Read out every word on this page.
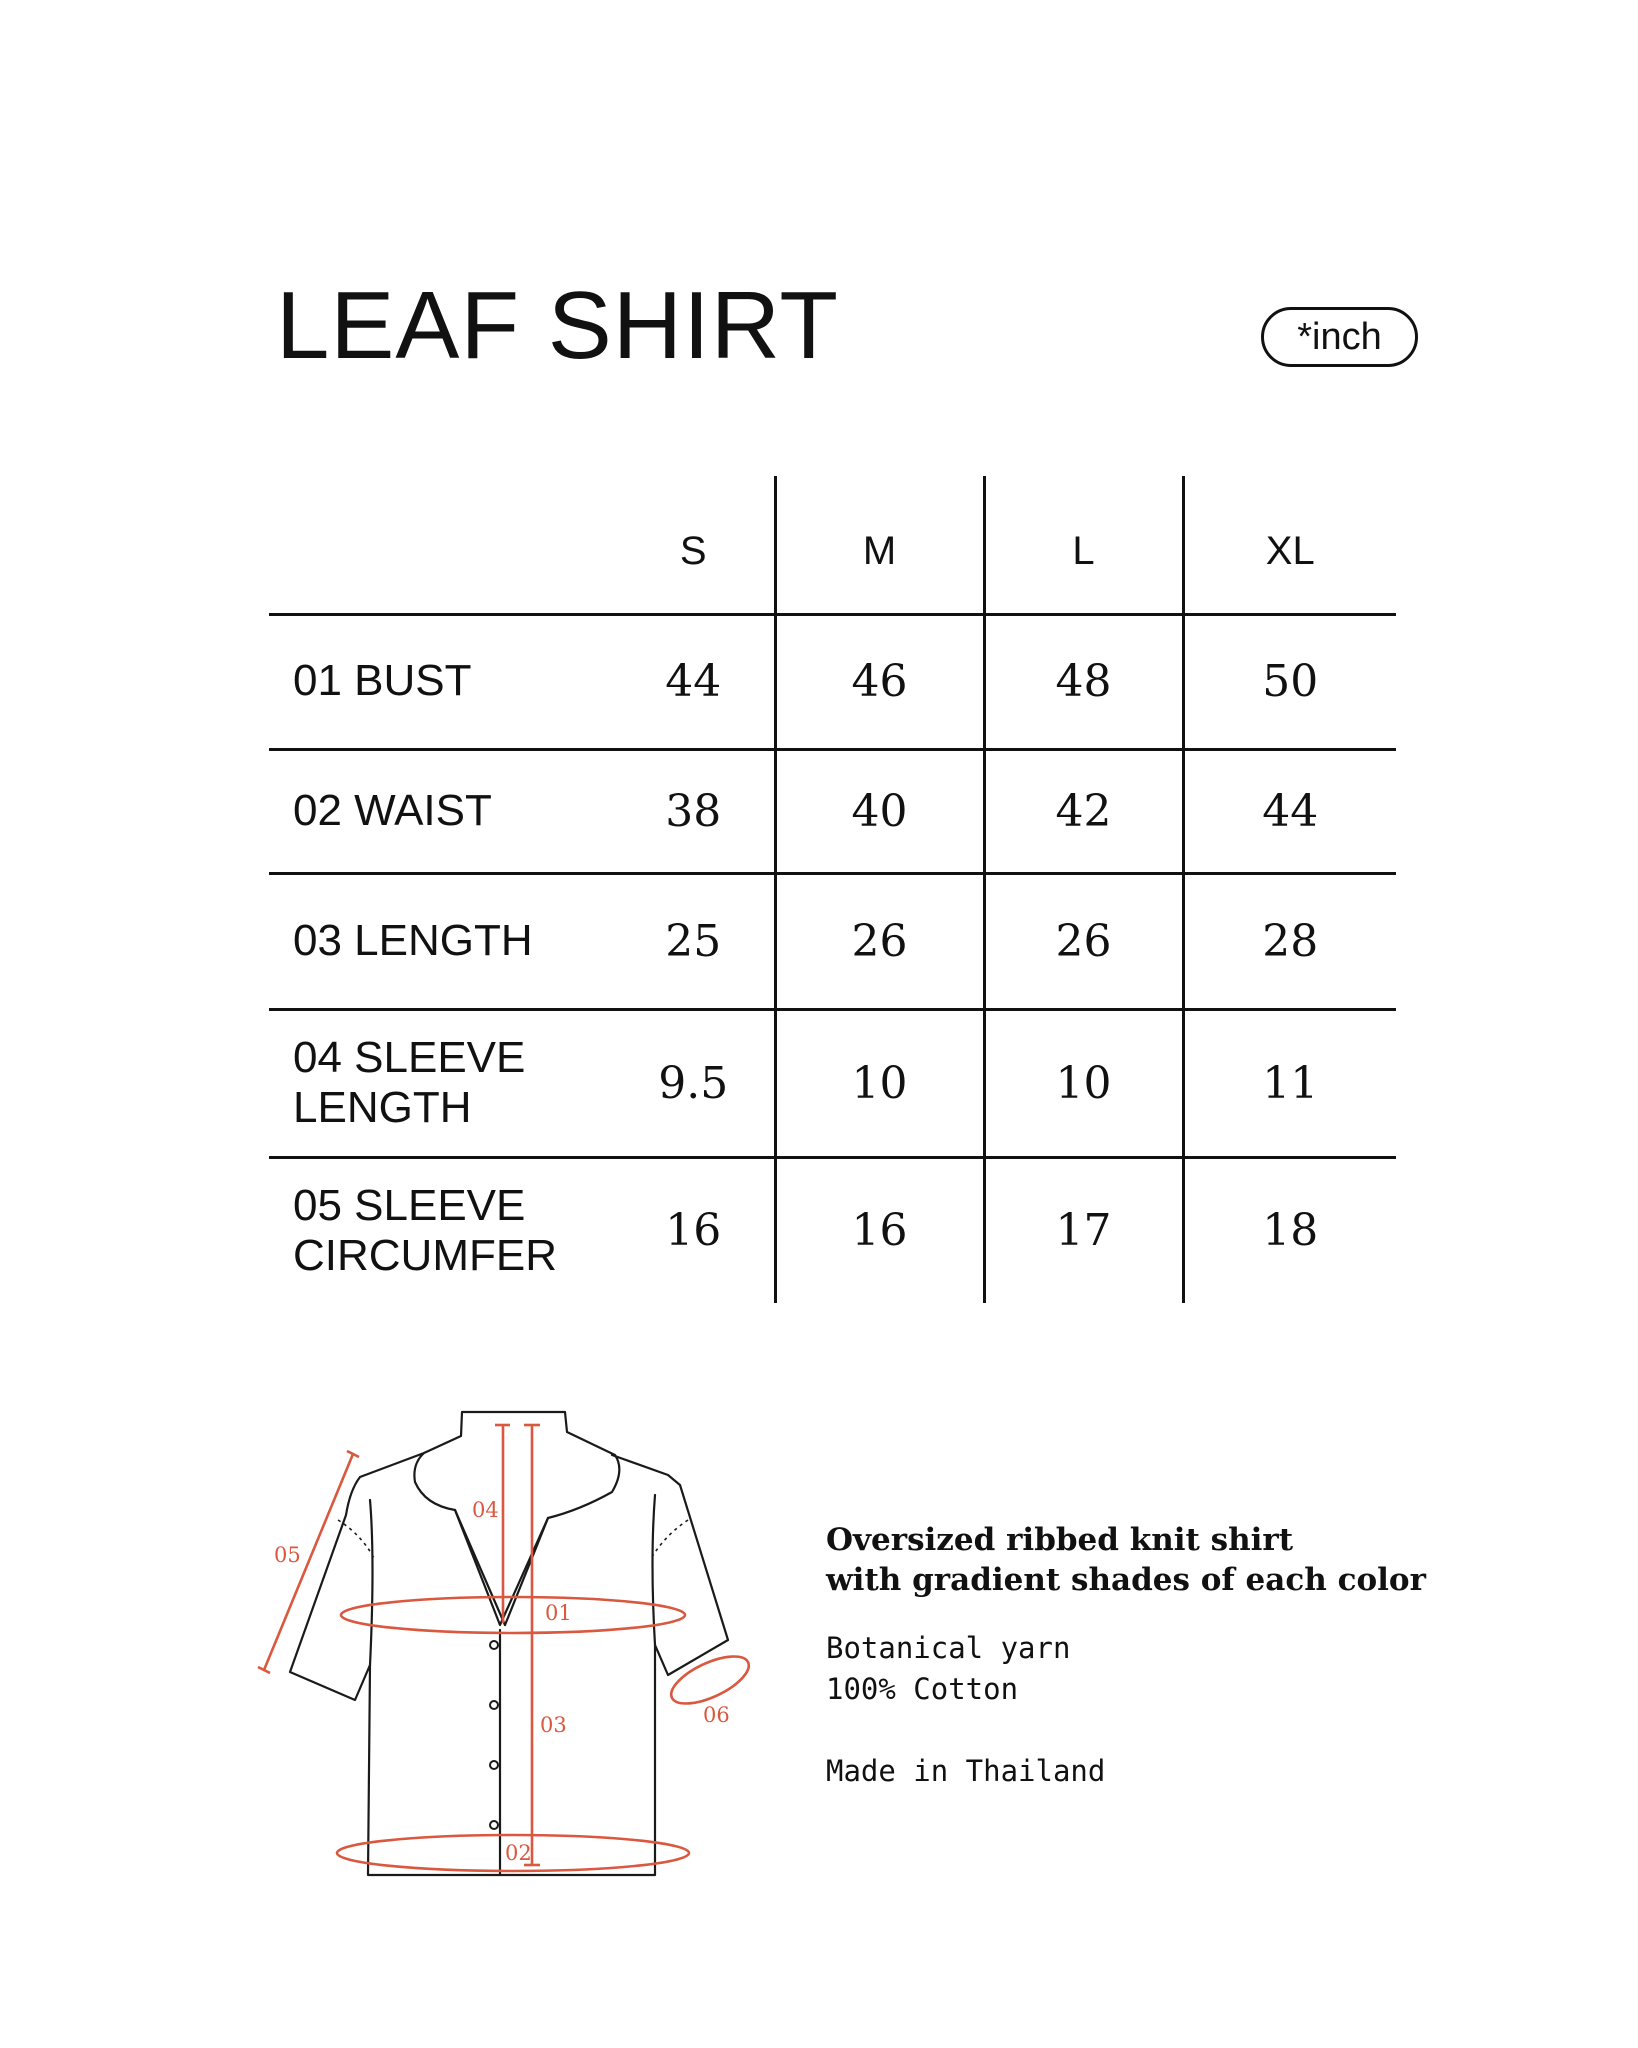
LEAF SHIRT	*inch
	S	M	L	XL
01 BUST	44	46	48	50
02 WAIST	38	40	42	44
03 LENGTH	25	26	26	28
04 SLEEVE
LENGTH	9.5	10	10	11
05 SLEEVE
CIRCUMFER	16	16	17	18
01
02
03
04
05
06

Oversized ribbed knit shirt
with gradient shades of each color

Botanical yarn

100% Cotton

Made in Thailand
